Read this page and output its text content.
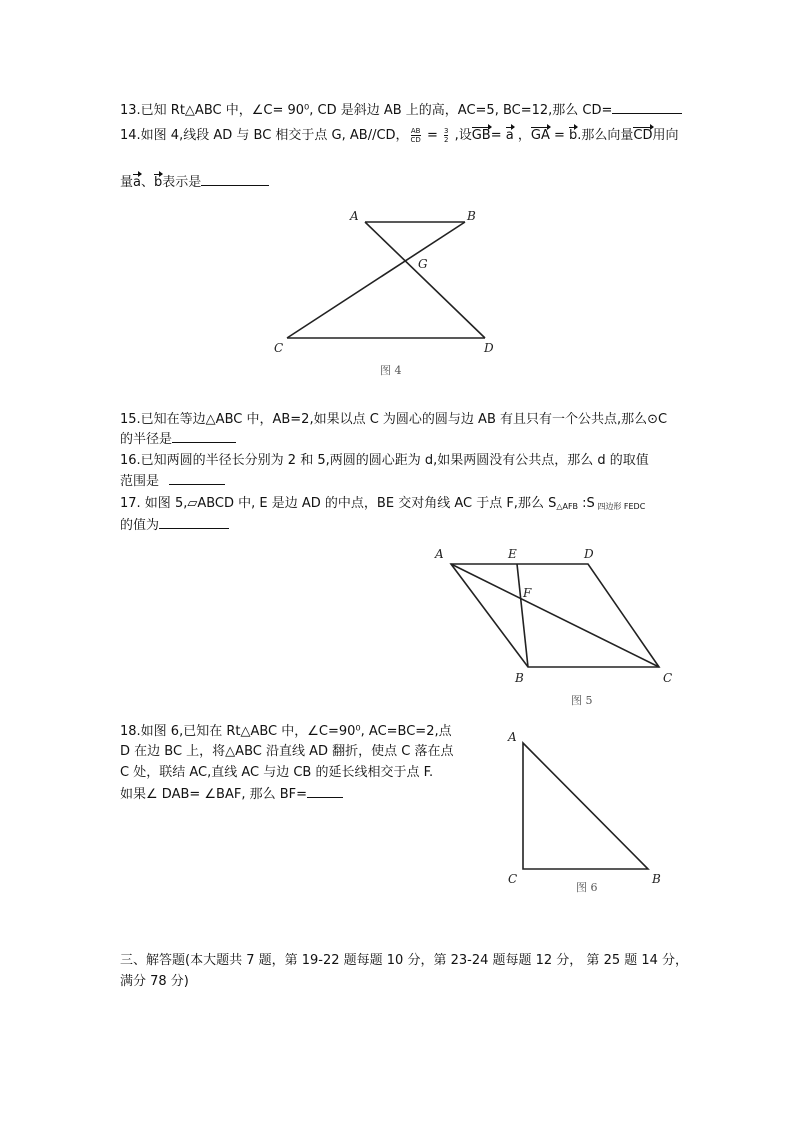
13.已知 Rt△ABC 中，∠C= 90⁰, CD 是斜边 AB 上的高，AC=5, BC=12,那么 CD=
14.如图 4,线段 AD 与 BC 相交于点 G, AB//CD， $\frac{AB}{CD} = \frac{3}{2}$ ,设GB= a ，GA = b.那么向量CD用向
量a、b表示是
A	B
G
C	D
图 4
15.已知在等边△ABC 中，AB=2,如果以点 C 为圆心的圆与边 AB 有且只有一个公共点,那么⊙C
的半径是
16.已知两圆的半径长分别为 2 和 5,两圆的圆心距为 d,如果两圆没有公共点，那么 d 的取值
范围是
17. 如图 5,▱ABCD 中, E 是边 AD 的中点，BE 交对角线 AC 于点 F,那么 $S_{\triangle AFB}$ :S $_{四边形 FEDC}$
的值为
A	E	D
F
B	C
图 5
18.如图 6,已知在 Rt△ABC 中，∠C=90⁰, AC=BC=2,点
D 在边 BC 上，将△ABC 沿直线 AD 翻折，使点 C 落在点
C 处，联结 AC,直线 AC 与边 CB 的延长线相交于点 F.
如果∠ DAB= ∠BAF, 那么 BF=
A
C	B
图 6
三、解答题(本大题共 7 题，第 19-22 题每题 10 分，第 23-24 题每题 12 分， 第 25 题 14 分，
满分 78 分)
